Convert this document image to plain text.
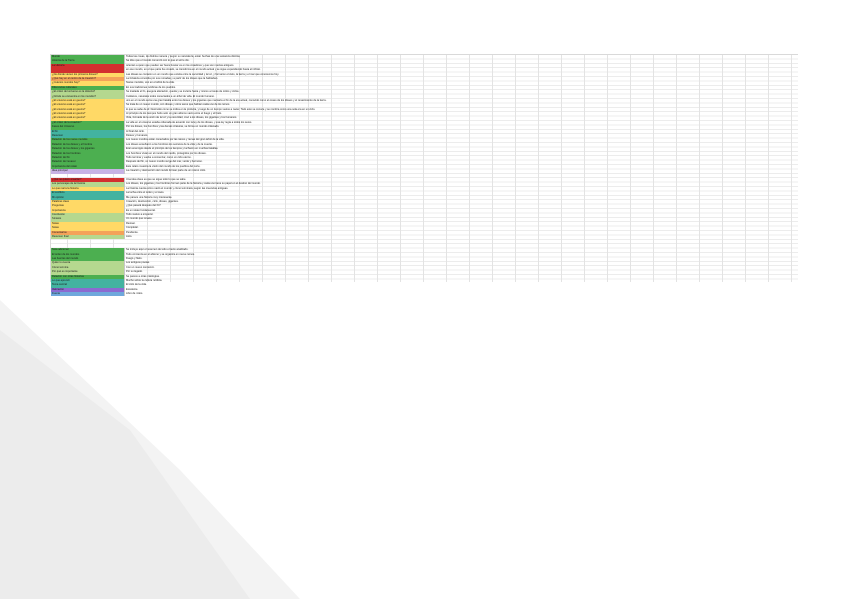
Mundo	Todas las cosas, de distinta manera y según su naturaleza, están hechas de una sustancia distinta.
Historia de la Tierra	Se dice que el mundo comenzó con lo que el sol le dio.
La Historia	orientan a quien que pueden ser fuera buscar es en los creadores y que son mecías antiguos.
en ese mundo, en el que parte fue creado, se transforma en el mundo actual y se sigue expandiendo hasta el infinito.
¿De dónde vienen los primeros dioses?	Las diosas se contaron en un mundo que existía entre la oscuridad y la luz, y formaron el cielo, la tierra y el mar que conocemos hoy.
¿Qué hay en el centro de la creación?	La fortaleza conocida por sus moradas y a partir de los dioses que la habitaban.
¿Cuántos mundos hay?	Nueve mundos, uno en el árbol de la vida.
Diferencias culturales	En sus tradiciones nórdicas de los pueblos.
¿El orden del universo es la Historia?	Se traslada el fin, asegura alteración, queda y se invierte hacia y mismo a través de ciclos y ciclos.
¿Dónde se encuentra en los mundos?	Cuidanos, naturales todos conectados a un árbol de vida. El mundo humano.
¿El universo está en guerra?	uno en el mundo sería una gran batalla entre los dioses y los gigantes que marcaría el fin de la era actual, conocido como el ocaso de los dioses y el renacimiento de la tierra.
¿El universo está en guerra?	Se trata de un nuevo mundo, con dioses y otros seres que habitan cada uno de los reinos.
¿El universo está en guerra?	lo que se sabe de él: Destruido como se indica en la profecía, y luego de un tiempo vuelve a nacer. Todo esto se conoce y se nombra como una sola era en un ciclo.
¿El universo está en guerra?	Al principio de los tiempos hubo solo un gran abismo vacío entre el fuego y el hielo.
¿El universo está en guerra?	Vida, formada de la unión de la luz y la oscuridad, creó a los dioses, los gigantes y los humanos.
¿El orden de la creación?	La vida en el universo estaba ordenada de acuerdo con la ley de los dioses, y esa ley regía a todos los seres.
Fases del Universo	Por los dioses, los hombres y las demás criaturas, se forma un mundo ordenado.
El fin	Al final del ciclo.
Resumen	Dioses y humanos.
Relación de los nueve mundos	Los nueve mundos están conectados por las raíces y ramas del gran árbol de la vida.
Relación de los dioses y el hombre	Los dioses enseñaron a los hombres los secretos de la vida y de la muerte.
Relación de los dioses y los gigantes	Eran enemigos desde el principio de los tiempos y lucharon en muchas batallas.
Relación de los hombres	Los hombres vivían en el mundo del medio, protegidos por los dioses.
Relación del fin	Todo termina y vuelve a comenzar, como un ciclo eterno.
Relación del renacer	Después del fin, un nuevo mundo surge del mar, verde y hermoso.
Importancia del relato	Este relato muestra la visión del mundo de los pueblos del norte.
Idea principal	La creación y destrucción del mundo forman parte de un mismo ciclo.
¿Qué se quiere enseñar?	Una idea clave es que se sigue todo lo que se sabe.
Los personajes de la historia	Los dioses, los gigantes y los hombres forman parte de la historia y cada uno tiene su papel en el destino del mundo.
Lo que narra la historia	La historia cuenta cómo nació el mundo y cómo terminará, según las creencias antiguas.
El conflicto	La lucha entre el orden y el caos.
Mi opinión	Me parece una historia muy interesante.
Palabras clave	Creación, destrucción, ciclo, dioses, gigantes.
Preguntas	¿Qué pasará después del fin?
Importancia	Es un relato fundamental.
Conclusión	Todo vuelve a empezar.
Síntesis	Un mundo que renace.
Notas	Revisar.
Notas	Completar.
Comentarios	Pendiente.
Resumen final	Listo.
Nota adicional	Se incluye aquí el resumen de todo el texto analizado.
El orden de los mundos	Todo comienza en el abismo y se organiza en nueve reinos.
Las fuerzas del mundo	Fuego y hielo.
Quién lo cuenta	Los antiguos poetas.
Cómo termina	Con un nuevo comienzo.
Por qué es importante	Por su legado.
Relación con otras historias	Se parece a otras mitologías.
Lo que aprendí	Mucho sobre la cultura nórdica.
Tema central	El ciclo de la vida.
Valoración	Excelente.
Fuente	Libro de mitos.
